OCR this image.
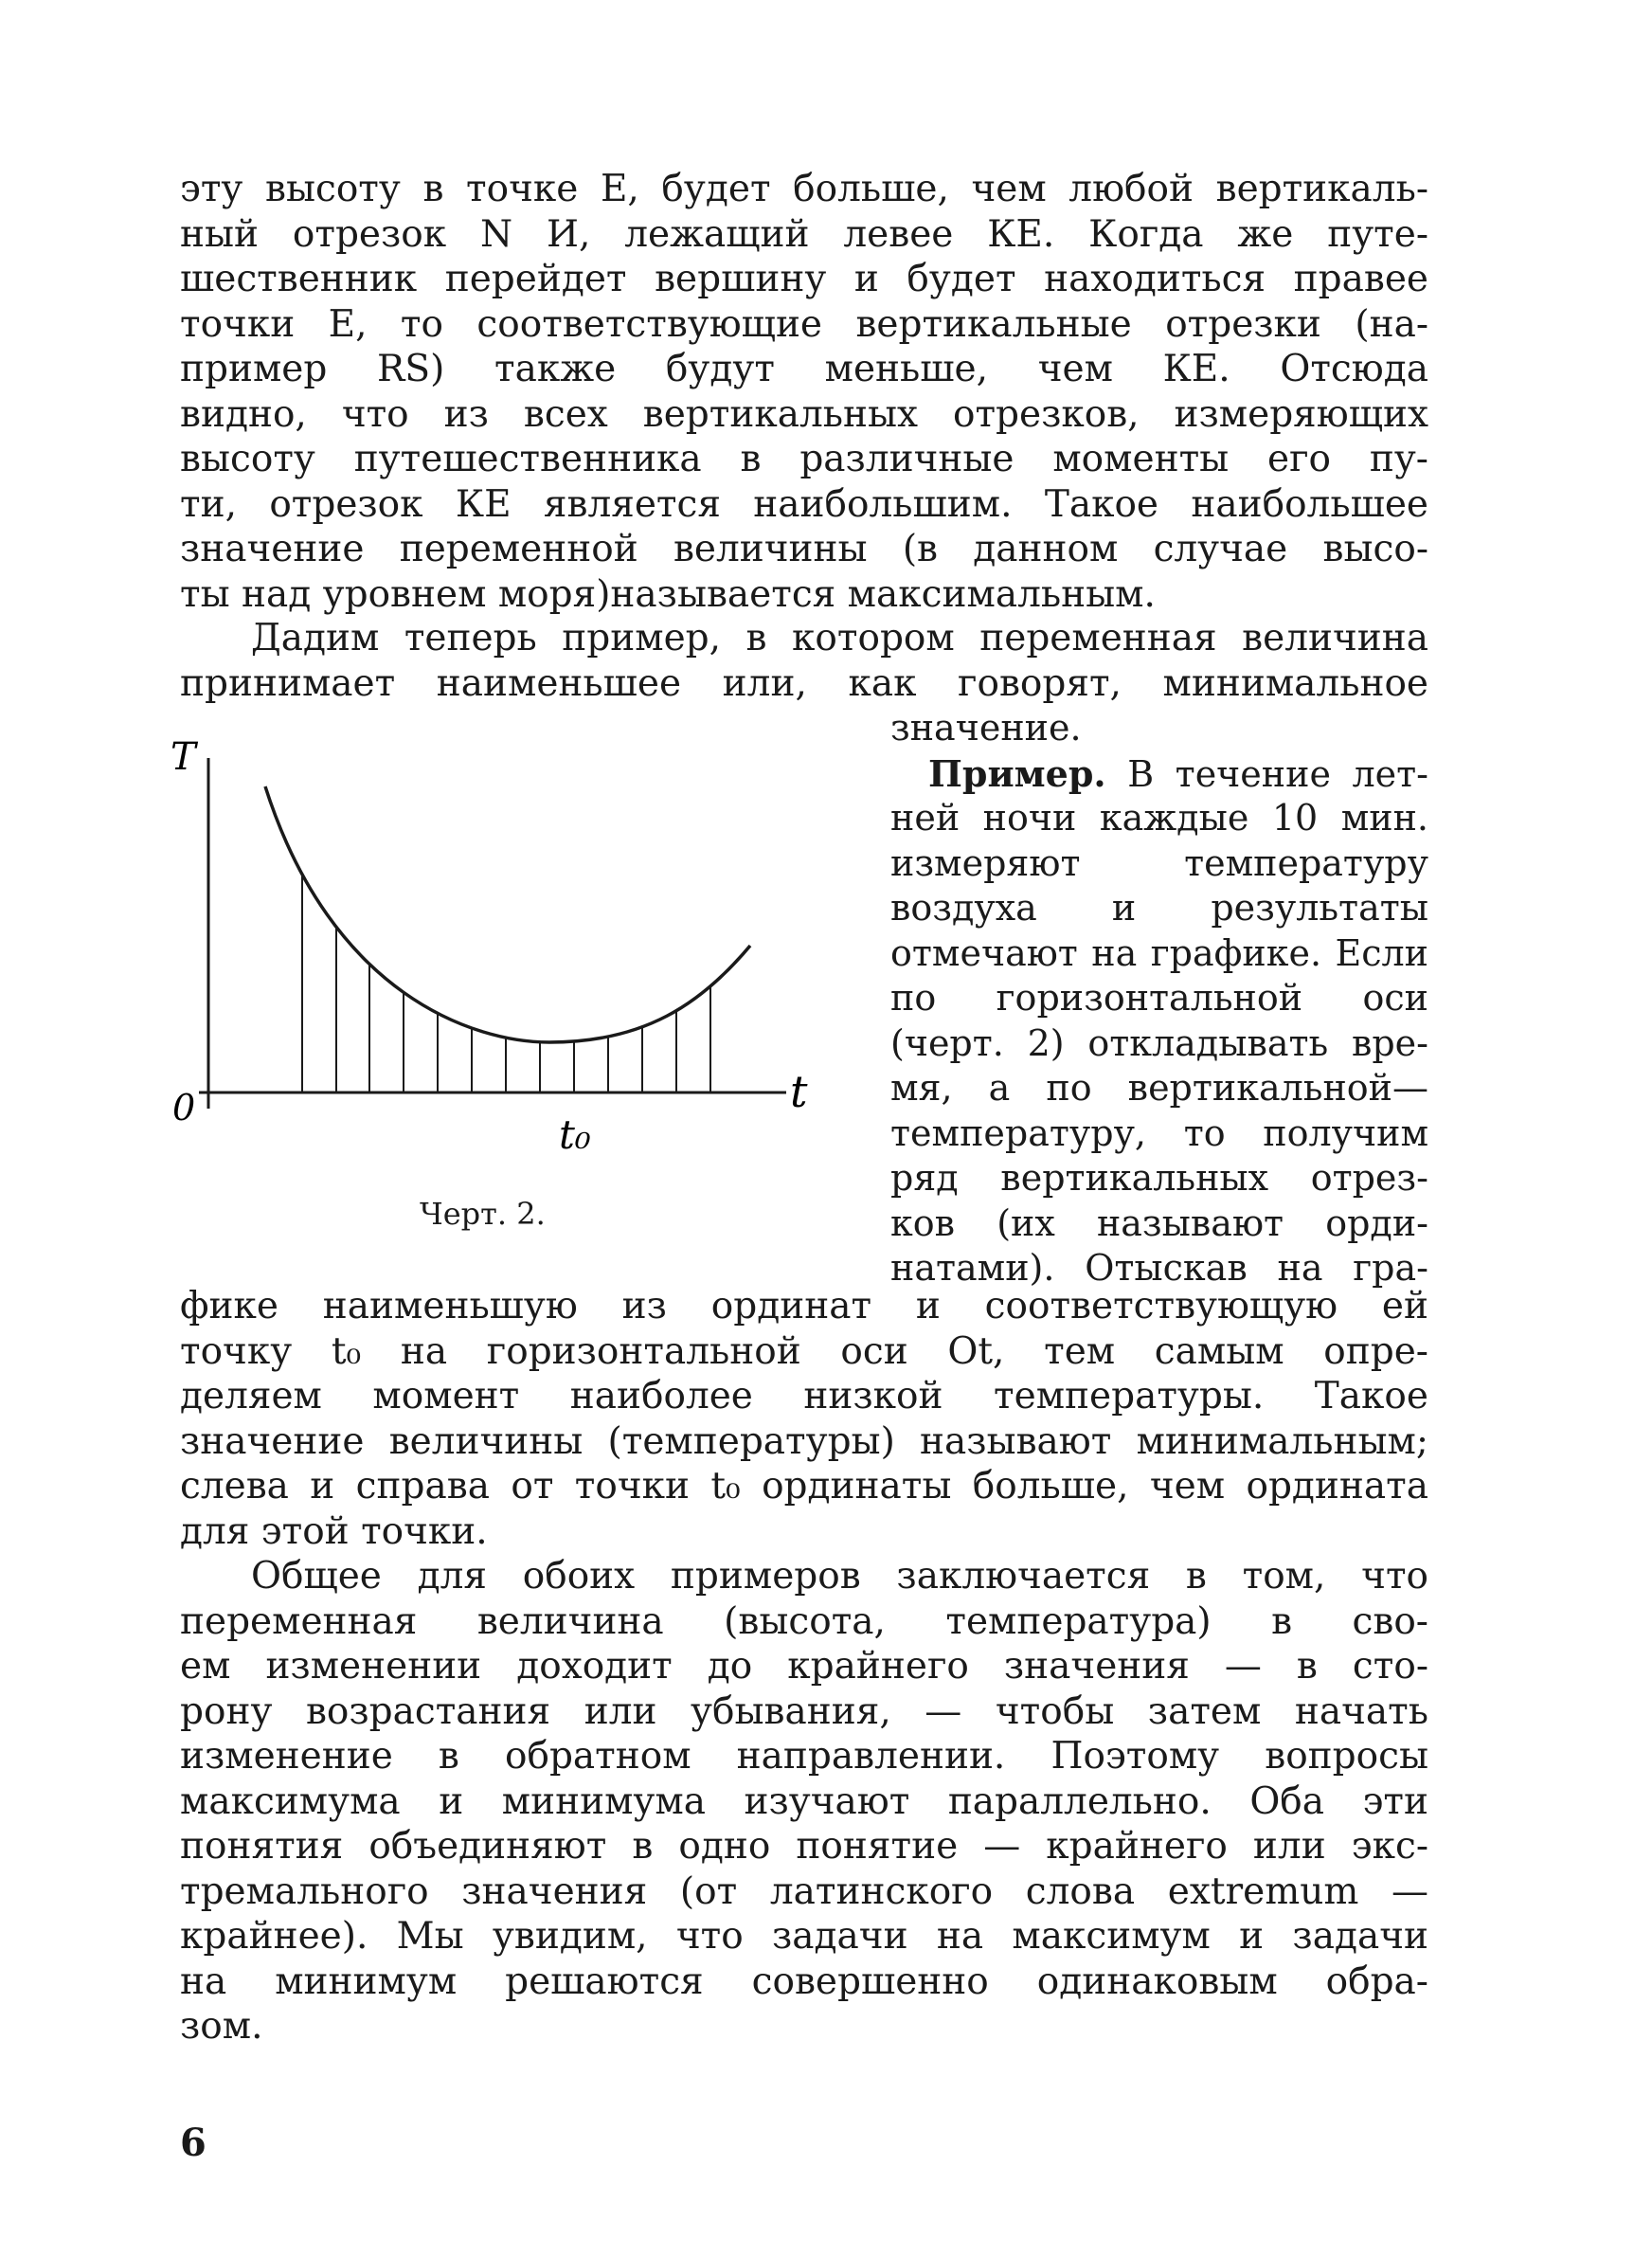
эту высоту в точке Е, будет больше, чем любой вертикаль-
ный отрезок N И, лежащий левее КЕ. Когда же путе-
шественник перейдет вершину и будет находиться правее
точки Е, то соответствующие вертикальные отрезки (на-
пример RS) также будут меньше, чем КЕ. Отсюда
видно, что из всех вертикальных отрезков, измеряющих
высоту путешественника в различные моменты его пу-
ти, отрезок КЕ является наибольшим. Такое наибольшее
значение переменной величины (в данном случае высо-
ты над уровнем моря)называется максимальным.
Дадим теперь пример, в котором переменная величина
принимает наименьшее или, как говорят, минимальное
значение.
Пример. В течение лет-
ней ночи каждые 10 мин.
измеряют температуру
воздуха и результаты
отмечают на графике. Если
по горизонтальной оси
(черт. 2) откладывать вре-
мя, а по вертикальной—
температуру, то получим
ряд вертикальных отрез-
ков (их называют орди-
натами). Отыскав на гра-
T
t
0
t₀
Черт. 2.
фике наименьшую из ординат и соответствующую ей
точку t₀ на горизонтальной оси Ot, тем самым опре-
деляем момент наиболее низкой температуры. Такое
значение величины (температуры) называют минимальным;
слева и справа от точки t₀ ординаты больше, чем ордината
для этой точки.
Общее для обоих примеров заключается в том, что
переменная величина (высота, температура) в сво-
ем изменении доходит до крайнего значения — в сто-
рону возрастания или убывания, — чтобы затем начать
изменение в обратном направлении. Поэтому вопросы
максимума и минимума изучают параллельно. Оба эти
понятия объединяют в одно понятие — крайнего или экс-
тремального значения (от латинского слова extremum —
крайнее). Мы увидим, что задачи на максимум и задачи
на минимум решаются совершенно одинаковым обра-
зом.
6
